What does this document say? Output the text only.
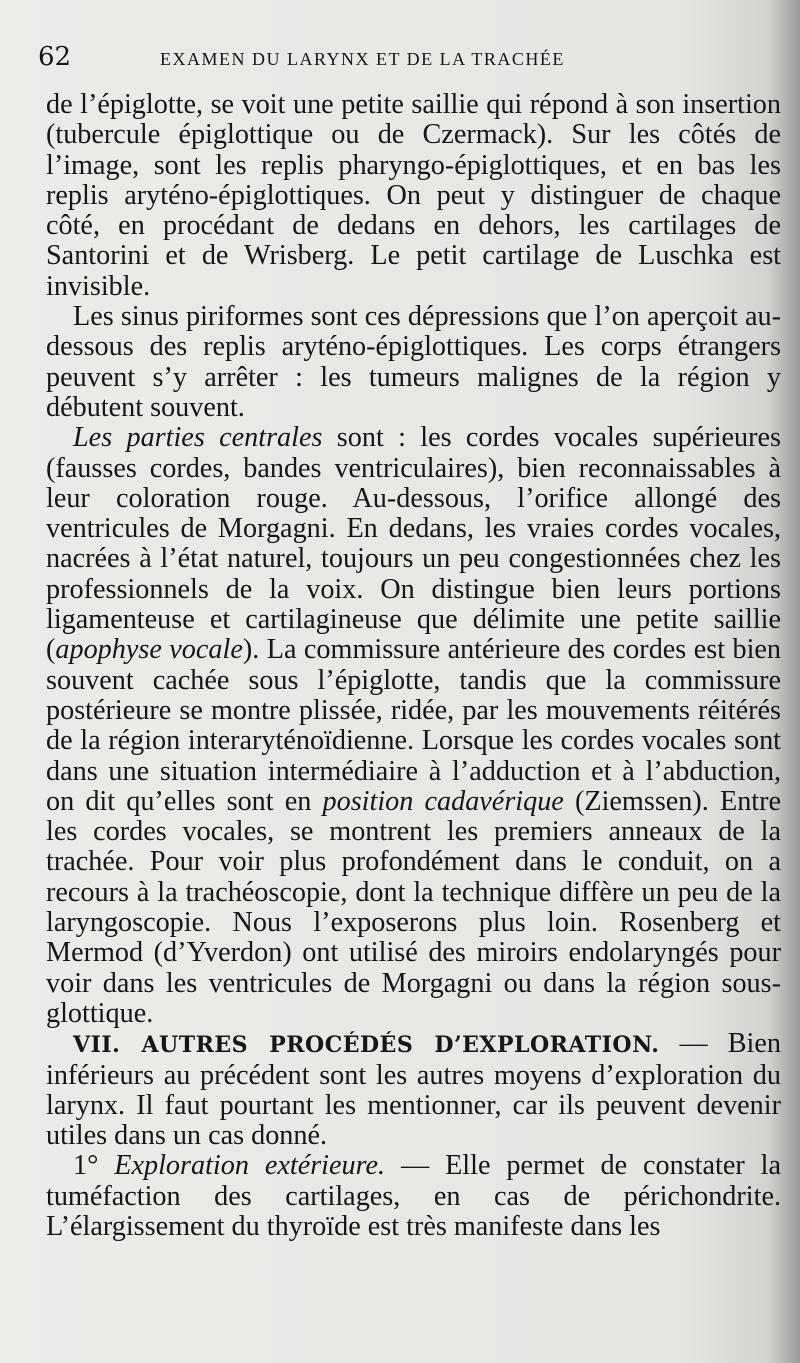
62	EXAMEN DU LARYNX ET DE LA TRACHÉE

de l’épiglotte, se voit une petite saillie qui répond à son insertion (tubercule épiglottique ou de Czermack). Sur les côtés de l’image, sont les replis pharyngo-épiglottiques, et en bas les replis aryténo-épiglottiques. On peut y distinguer de chaque côté, en procédant de dedans en dehors, les cartilages de Santorini et de Wrisberg. Le petit cartilage de Luschka est invisible.

Les sinus piriformes sont ces dépressions que l’on aperçoit au-dessous des replis aryténo-épiglottiques. Les corps étrangers peuvent s’y arrêter : les tumeurs malignes de la région y débutent souvent.

Les parties centrales sont : les cordes vocales supérieures (fausses cordes, bandes ventriculaires), bien reconnaissables à leur coloration rouge. Au-dessous, l’orifice allongé des ventricules de Morgagni. En dedans, les vraies cordes vocales, nacrées à l’état naturel, toujours un peu congestionnées chez les professionnels de la voix. On distingue bien leurs portions ligamenteuse et cartilagineuse que délimite une petite saillie (apophyse vocale). La commissure antérieure des cordes est bien souvent cachée sous l’épiglotte, tandis que la commissure postérieure se montre plissée, ridée, par les mouvements réitérés de la région interaryténoïdienne. Lorsque les cordes vocales sont dans une situation intermédiaire à l’adduction et à l’abduction, on dit qu’elles sont en position cadavérique (Ziemssen). Entre les cordes vocales, se montrent les premiers anneaux de la trachée. Pour voir plus profondément dans le conduit, on a recours à la trachéoscopie, dont la technique diffère un peu de la laryngoscopie. Nous l’exposerons plus loin. Rosenberg et Mermod (d’Yverdon) ont utilisé des miroirs endolaryngés pour voir dans les ventricules de Morgagni ou dans la région sous-glottique.

VII. AUTRES PROCÉDÉS D’EXPLORATION. — Bien inférieurs au précédent sont les autres moyens d’exploration du larynx. Il faut pourtant les mentionner, car ils peuvent devenir utiles dans un cas donné.

1° Exploration extérieure. — Elle permet de constater la tuméfaction des cartilages, en cas de périchondrite. L’élargissement du thyroïde est très manifeste dans les
